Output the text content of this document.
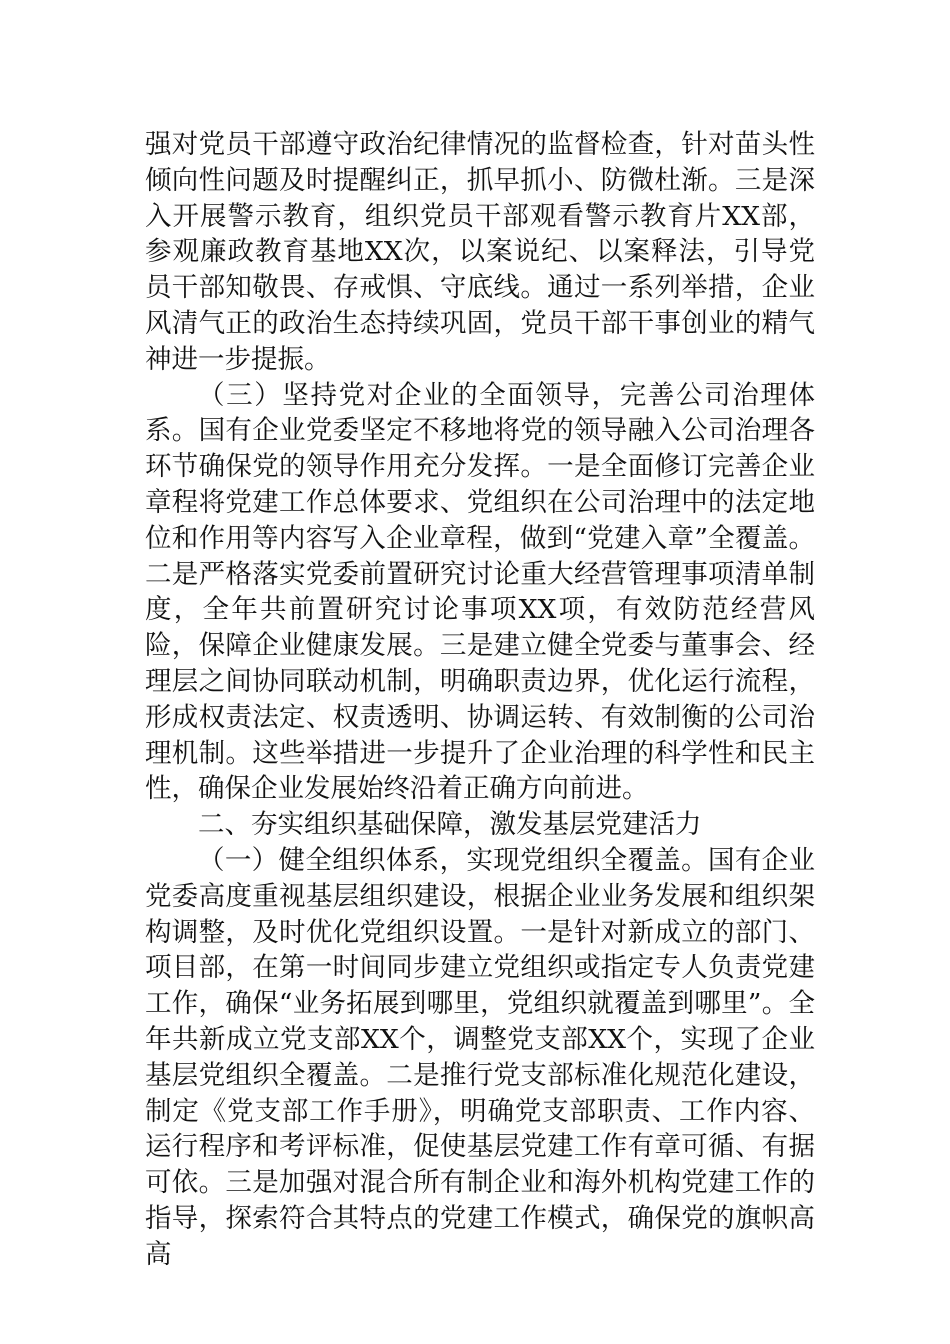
强对党员干部遵守政治纪律情况的监督检查，针对苗头性倾向性问题及时提醒纠正，抓早抓小、防微杜渐。三是深入开展警示教育，组织党员干部观看警示教育片XX部，参观廉政教育基地XX次，以案说纪、以案释法，引导党员干部知敬畏、存戒惧、守底线。通过一系列举措，企业风清气正的政治生态持续巩固，党员干部干事创业的精气神进一步提振。

（三）坚持党对企业的全面领导，完善公司治理体系。国有企业党委坚定不移地将党的领导融入公司治理各环节确保党的领导作用充分发挥。一是全面修订完善企业章程将党建工作总体要求、党组织在公司治理中的法定地位和作用等内容写入企业章程，做到“党建入章”全覆盖。二是严格落实党委前置研究讨论重大经营管理事项清单制度，全年共前置研究讨论事项XX项，有效防范经营风险，保障企业健康发展。三是建立健全党委与董事会、经理层之间协同联动机制，明确职责边界，优化运行流程，形成权责法定、权责透明、协调运转、有效制衡的公司治理机制。这些举措进一步提升了企业治理的科学性和民主性，确保企业发展始终沿着正确方向前进。

二、夯实组织基础保障，激发基层党建活力

（一）健全组织体系，实现党组织全覆盖。国有企业党委高度重视基层组织建设，根据企业业务发展和组织架构调整，及时优化党组织设置。一是针对新成立的部门、项目部，在第一时间同步建立党组织或指定专人负责党建工作，确保“业务拓展到哪里，党组织就覆盖到哪里”。全年共新成立党支部XX个，调整党支部XX个，实现了企业基层党组织全覆盖。二是推行党支部标准化规范化建设，制定《党支部工作手册》，明确党支部职责、工作内容、运行程序和考评标准，促使基层党建工作有章可循、有据可依。三是加强对混合所有制企业和海外机构党建工作的指导，探索符合其特点的党建工作模式，确保党的旗帜高高
